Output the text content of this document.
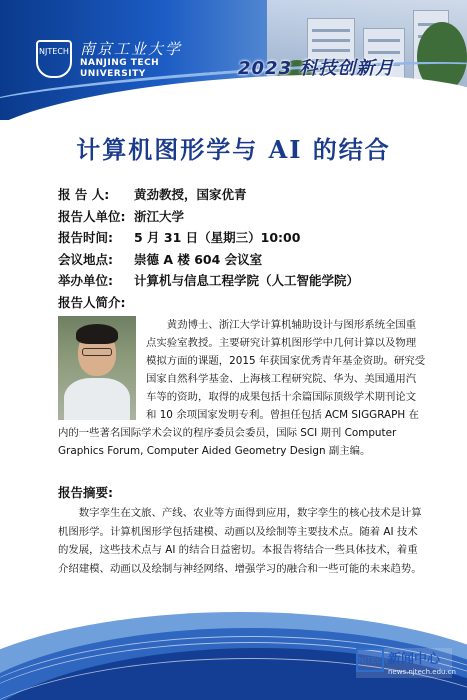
NJTECH 南京工业大学
NANJING TECH
UNIVERSITY	2023 科技创新月
计算机图形学与 AI 的结合
报 告 人: 黄劲教授，国家优青
报告人单位: 浙江大学
报告时间: 5 月 31 日（星期三）10:00
会议地点: 崇德 A 楼 604 会议室
举办单位: 计算机与信息工程学院（人工智能学院）
报告人简介:
黄劲博士、浙江大学计算机辅助设计与图形系统全国重点实验室教授。主要研究计算机图形学中几何计算以及物理模拟方面的课题，2015 年获国家优秀青年基金资助。研究受国家自然科学基金、上海核工程研究院、华为、美国通用汽车等的资助，取得的成果包括十余篇国际顶级学术期刊论文和 10 余项国家发明专利。曾担任包括 ACM SIGGRAPH 在内的一些著名国际学术会议的程序委员会委员，国际 SCI 期刊 Computer Graphics Forum, Computer Aided Geometry Design 副主编。
报告摘要:
数字孪生在文旅、产线、农业等方面得到应用，数字孪生的核心技术是计算机图形学。计算机图形学包括建模、动画以及绘制等主要技术点。随着 AI 技术的发展，这些技术点与 AI 的结合日益密切。本报告将结合一些具体技术，着重介绍建模、动画以及绘制与神经网络、增强学习的融合和一些可能的未来趋势。
NJTECH 新闻中心
news.njtech.edu.cn
